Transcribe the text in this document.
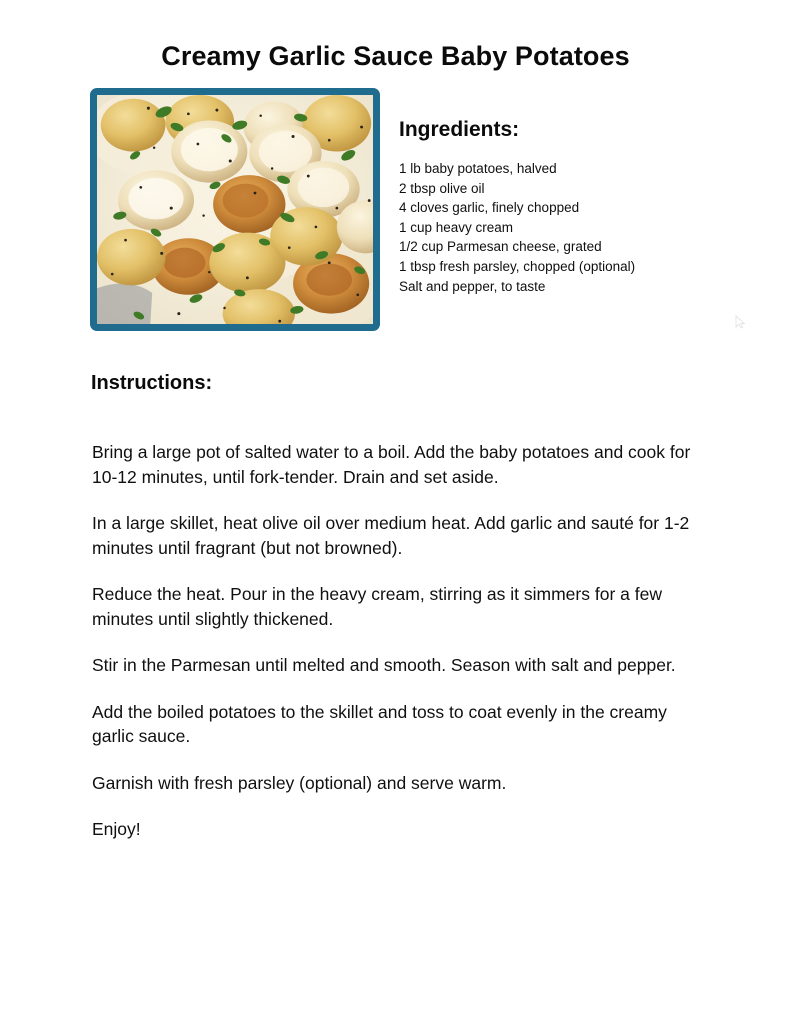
Creamy Garlic Sauce Baby Potatoes
Ingredients:
1 lb baby potatoes, halved
2 tbsp olive oil
4 cloves garlic, finely chopped
1 cup heavy cream
1/2 cup Parmesan cheese, grated
1 tbsp fresh parsley, chopped (optional)
Salt and pepper, to taste
Instructions:

Bring a large pot of salted water to a boil. Add the baby potatoes and cook for 10-12 minutes, until fork-tender. Drain and set aside.

In a large skillet, heat olive oil over medium heat. Add garlic and sauté for 1-2 minutes until fragrant (but not browned).

Reduce the heat. Pour in the heavy cream, stirring as it simmers for a few minutes until slightly thickened.

Stir in the Parmesan until melted and smooth. Season with salt and pepper.

Add the boiled potatoes to the skillet and toss to coat evenly in the creamy garlic sauce.

Garnish with fresh parsley (optional) and serve warm.

Enjoy!
